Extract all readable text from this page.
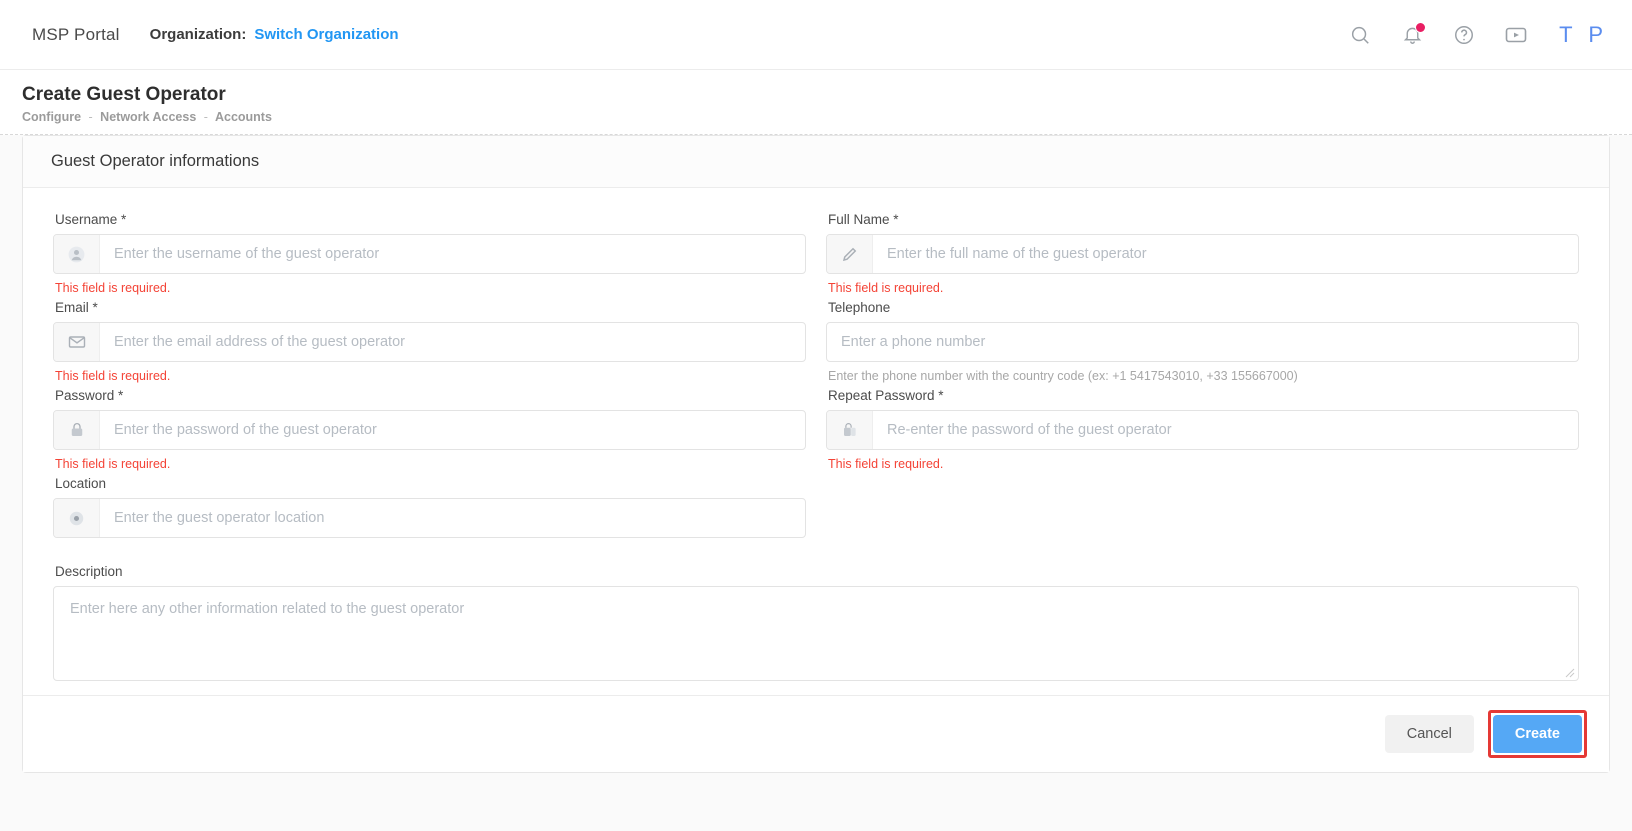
MSP Portal Organization: Switch Organization	T P
Create Guest Operator
Configure - Network Access - Accounts
Guest Operator informations
Username *
Enter the username of the guest operator
This field is required.
Full Name *
Enter the full name of the guest operator
This field is required.
Email *
Enter the email address of the guest operator
This field is required.
Telephone
Enter a phone number
Enter the phone number with the country code (ex: +1 5417543010, +33 155667000)
Password *
This field is required.
Repeat Password *
This field is required.
Location
Enter the guest operator location
Description
Enter here any other information related to the guest operator
Cancel	Create
